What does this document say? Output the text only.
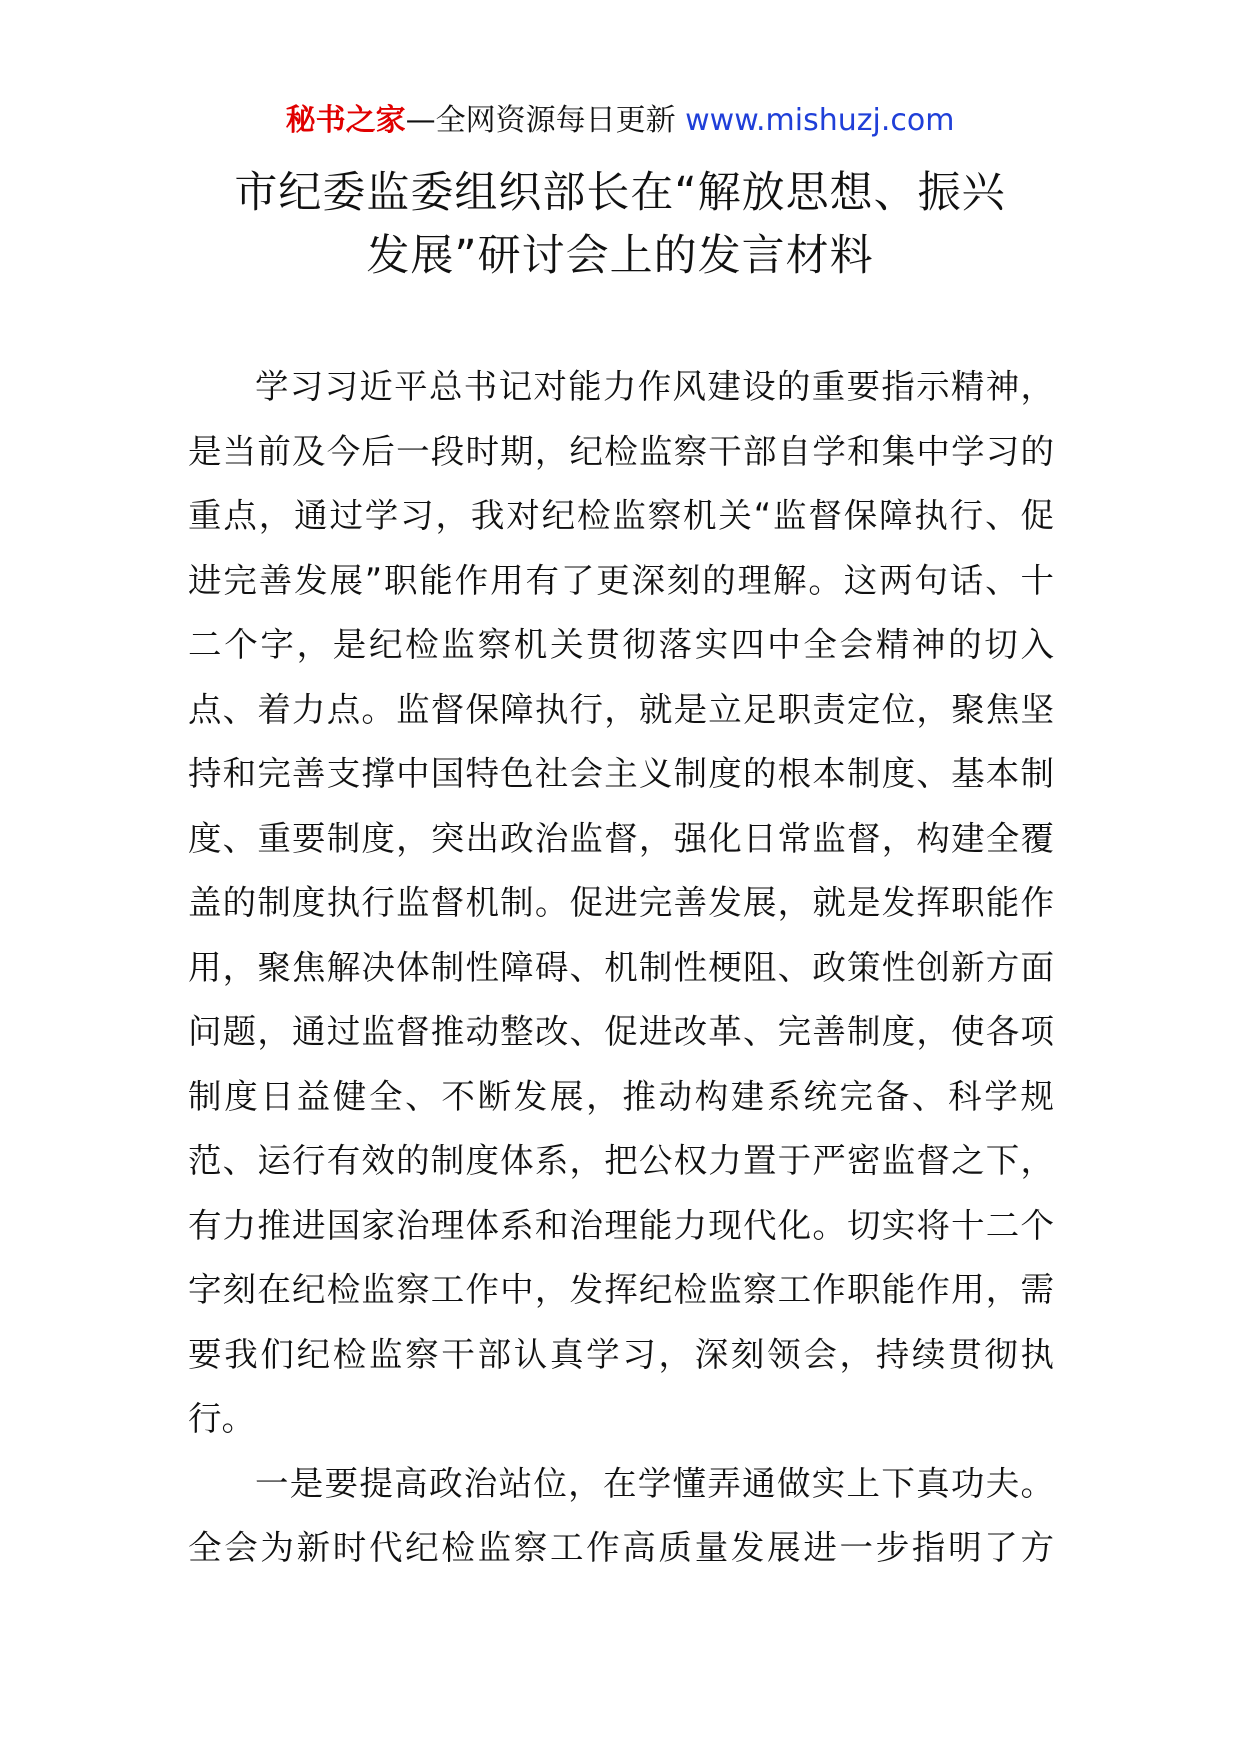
秘书之家—全网资源每日更新 www.mishuzj.com
市纪委监委组织部长在“解放思想、振兴
发展”研讨会上的发言材料
学习习近平总书记对能力作风建设的重要指示精神，
是当前及今后一段时期，纪检监察干部自学和集中学习的
重点，通过学习，我对纪检监察机关“监督保障执行、促
进完善发展”职能作用有了更深刻的理解。这两句话、十
二个字，是纪检监察机关贯彻落实四中全会精神的切入
点、着力点。监督保障执行，就是立足职责定位，聚焦坚
持和完善支撑中国特色社会主义制度的根本制度、基本制
度、重要制度，突出政治监督，强化日常监督，构建全覆
盖的制度执行监督机制。促进完善发展，就是发挥职能作
用，聚焦解决体制性障碍、机制性梗阻、政策性创新方面
问题，通过监督推动整改、促进改革、完善制度，使各项
制度日益健全、不断发展，推动构建系统完备、科学规
范、运行有效的制度体系，把公权力置于严密监督之下，
有力推进国家治理体系和治理能力现代化。切实将十二个
字刻在纪检监察工作中，发挥纪检监察工作职能作用，需
要我们纪检监察干部认真学习，深刻领会，持续贯彻执
行。
一是要提高政治站位，在学懂弄通做实上下真功夫。
全会为新时代纪检监察工作高质量发展进一步指明了方
